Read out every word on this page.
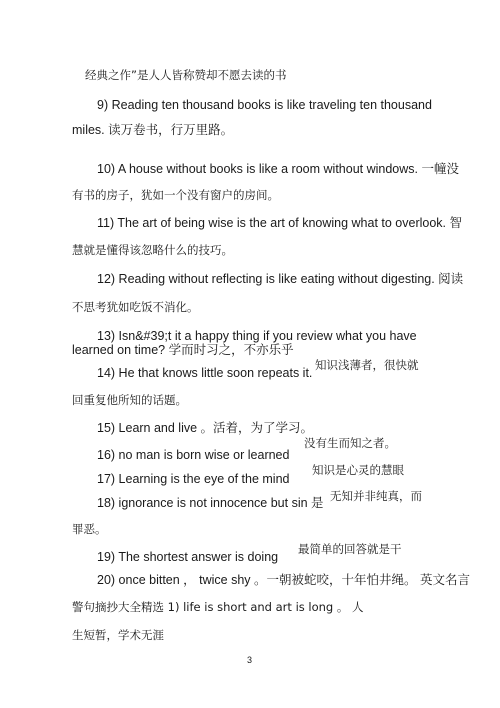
经典之作”是人人皆称赞却不愿去读的书
9) Reading ten thousand books is like traveling ten thousand
miles. 读万卷书，行万里路。
10) A house without books is like a room without windows. 一幢没
有书的房子，犹如一个没有窗户的房间。
11) The art of being wise is the art of knowing what to overlook. 智
慧就是懂得该忽略什么的技巧。
12) Reading without reflecting is like eating without digesting. 阅读
不思考犹如吃饭不消化。
13) Isn&#39;t it a happy thing if you review what you have
learned on time? 学而时习之，不亦乐乎
知识浅薄者，很快就
14) He that knows little soon repeats it.
回重复他所知的话题。
15) Learn and live 。活着，为了学习。
没有生而知之者。
16) no man is born wise or learned
知识是心灵的慧眼
17) Learning is the eye of the mind
无知并非纯真，而
18) ignorance is not innocence but sin 是
罪恶。
最简单的回答就是干
19) The shortest answer is doing
20) once bitten ， twice shy 。一朝被蛇咬，十年怕井绳。 英文名言
警句摘抄大全精选 1) life is short and art is long 。 人
生短暂，学术无涯
3
